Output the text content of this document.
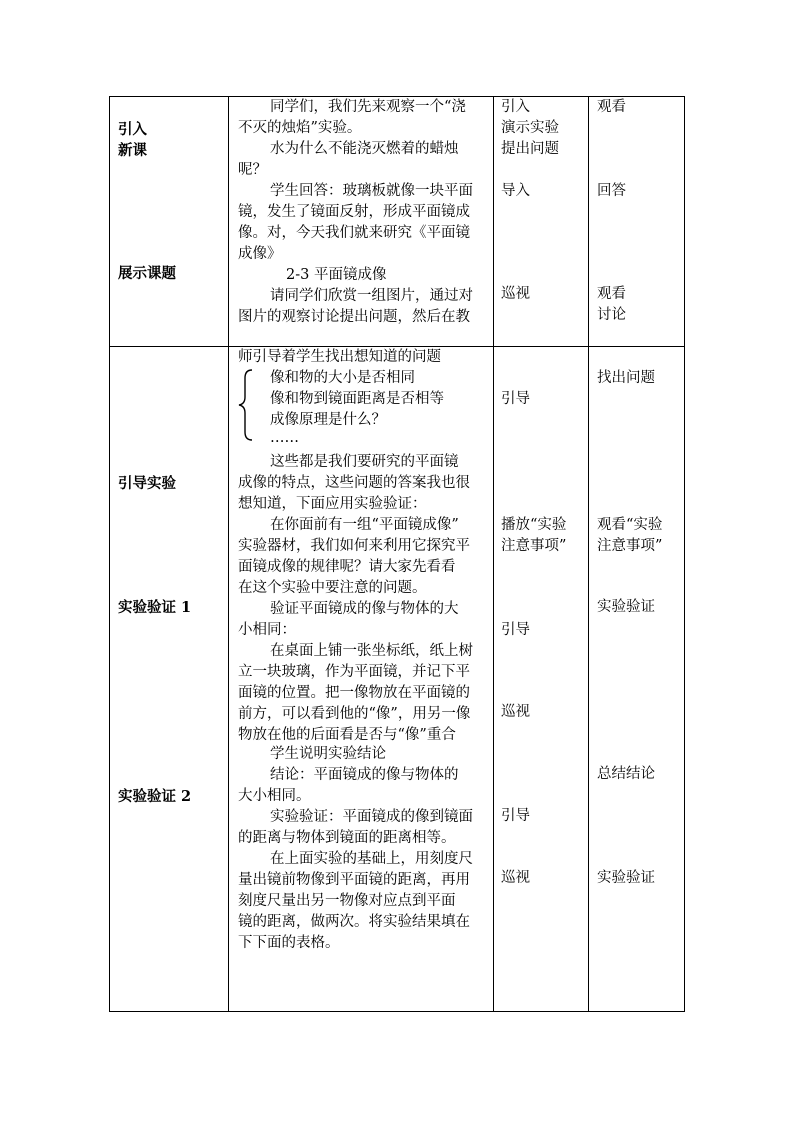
引入
新课
展示课题
引导实验
实验验证 1
实验验证 2
同学们，我们先来观察一个“浇
不灭的烛焰”实验。
水为什么不能浇灭燃着的蜡烛
呢？
学生回答：玻璃板就像一块平面
镜，发生了镜面反射，形成平面镜成
像。对，今天我们就来研究《平面镜
成像》
2-3 平面镜成像
请同学们欣赏一组图片，通过对
图片的观察讨论提出问题，然后在教
引入
演示实验
提出问题
导入
巡视
观看
回答
观看
讨论
师引导着学生找出想知道的问题
像和物的大小是否相同
像和物到镜面距离是否相等
成像原理是什么？
……
这些都是我们要研究的平面镜
成像的特点，这些问题的答案我也很
想知道，下面应用实验验证：
在你面前有一组“平面镜成像”
实验器材，我们如何来利用它探究平
面镜成像的规律呢？请大家先看看
在这个实验中要注意的问题。
验证平面镜成的像与物体的大
小相同：
在桌面上铺一张坐标纸，纸上树
立一块玻璃，作为平面镜，并记下平
面镜的位置。把一像物放在平面镜的
前方，可以看到他的“像”，用另一像
物放在他的后面看是否与“像”重合
学生说明实验结论
结论：平面镜成的像与物体的
大小相同。
实验验证：平面镜成的像到镜面
的距离与物体到镜面的距离相等。
在上面实验的基础上，用刻度尺
量出镜前物像到平面镜的距离，再用
刻度尺量出另一物像对应点到平面
镜的距离，做两次。将实验结果填在
下下面的表格。
引导
播放“实验
注意事项”
引导
巡视
引导
巡视
找出问题
观看“实验
注意事项”
实验验证
总结结论
实验验证
